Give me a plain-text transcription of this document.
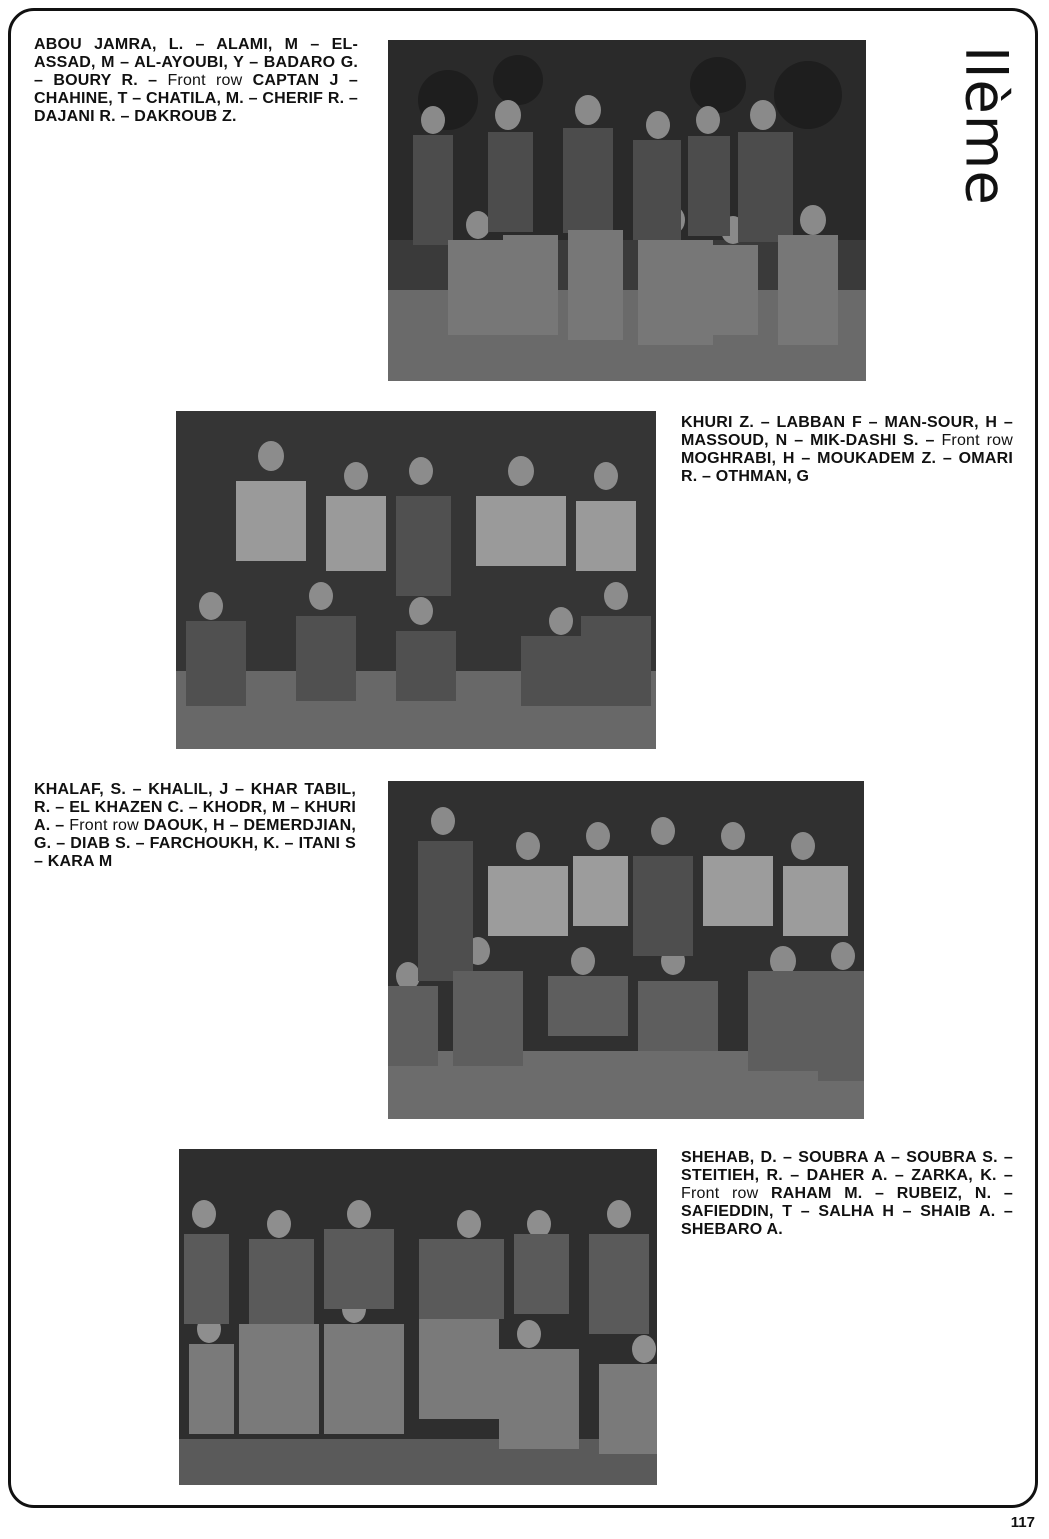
llème
ABOU JAMRA, L. – ALAMI, M – EL-ASSAD, M – AL-AYOUBI, Y – BADARO G. – BOURY R. – Front row CAPTAN J – CHAHINE, T – CHATILA, M. – CHERIF R. – DAJANI R. – DAKROUB Z.
KHURI Z. – LABBAN F – MAN-SOUR, H – MASSOUD, N – MIK-DASHI S. – Front row MOGHRABI, H – MOUKADEM Z. – OMARI R. – OTHMAN, G
KHALAF, S. – KHALIL, J – KHAR TABIL, R. – EL KHAZEN C. – KHODR, M – KHURI A. – Front row DAOUK, H – DEMERDJIAN, G. – DIAB S. – FARCHOUKH, K. – ITANI S – KARA M
SHEHAB, D. – SOUBRA A – SOUBRA S. – STEITIEH, R. – DAHER A. – ZARKA, K. – Front row RAHAM M. – RUBEIZ, N. – SAFIEDDIN, T – SALHA H – SHAIB A. – SHEBARO A.
117
